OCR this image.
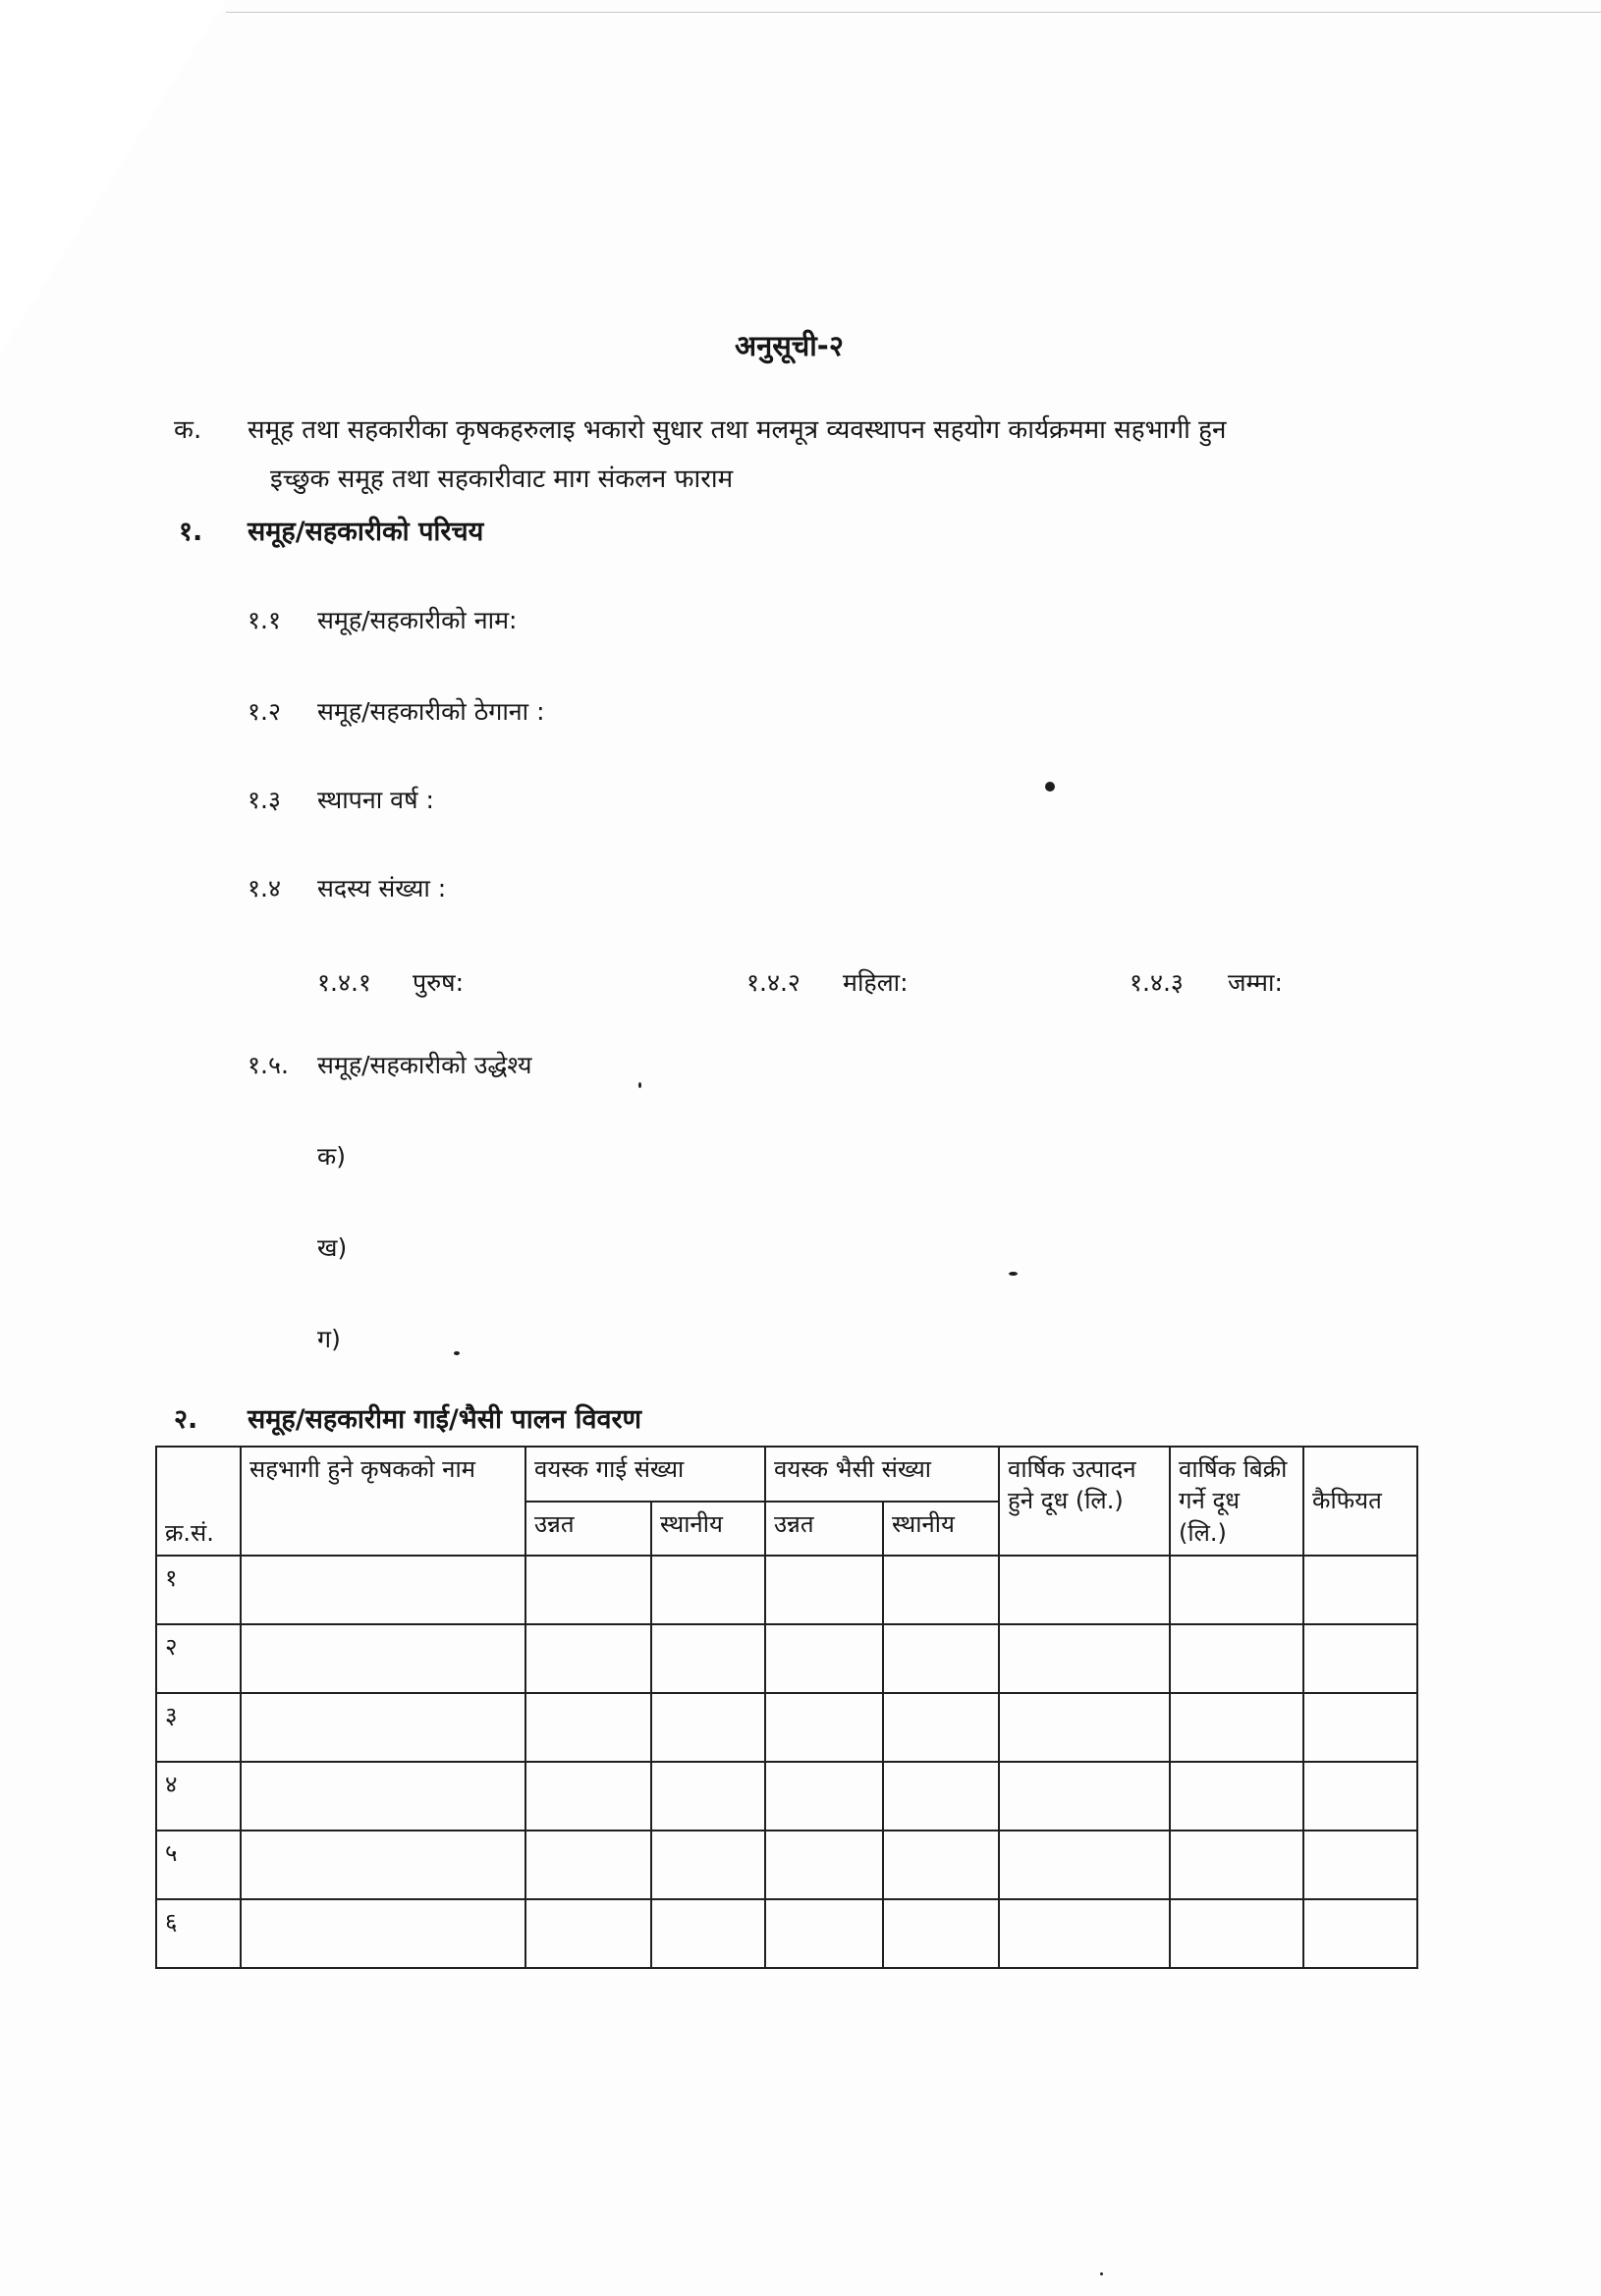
अनुसूची-२
क. समूह तथा सहकारीका कृषकहरुलाइ भकारो सुधार तथा मलमूत्र व्यवस्थापन सहयोग कार्यक्रममा सहभागी हुन
इच्छुक समूह तथा सहकारीवाट माग संकलन फाराम
१. समूह/सहकारीको परिचय
१.१ समूह/सहकारीको नाम:
१.२ समूह/सहकारीको ठेगाना :
१.३ स्थापना वर्ष :
१.४ सदस्य संख्या :
१.४.१ पुरुष:	१.४.२ महिला:	१.४.३ जम्मा:
१.५. समूह/सहकारीको उद्धेश्य
क)
ख)
ग)
२. समूह/सहकारीमा गाई/भैसी पालन विवरण
क्र.सं.	सहभागी हुने कृषकको नाम	वयस्क गाई संख्या		वयस्क भैसी संख्या		वार्षिक उत्पादन हुने दूध (लि.)	वार्षिक बिक्री गर्ने दूध (लि.)	कैफियत
		उन्नत	स्थानीय	उन्नत	स्थानीय			
१								
२								
३								
४								
५								
६								
